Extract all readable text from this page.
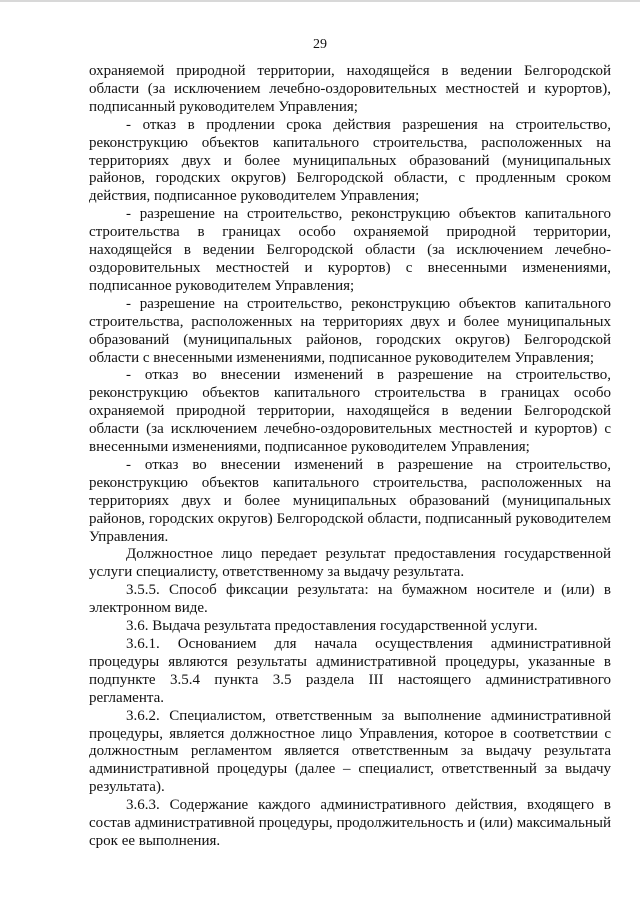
29

охраняемой природной территории, находящейся в ведении Белгородской области (за исключением лечебно-оздоровительных местностей и курортов), подписанный руководителем Управления;

- отказ в продлении срока действия разрешения на строительство, реконструкцию объектов капитального строительства, расположенных на территориях двух и более муниципальных образований (муниципальных районов, городских округов) Белгородской области, с продленным сроком действия, подписанное руководителем Управления;

- разрешение на строительство, реконструкцию объектов капитального строительства в границах особо охраняемой природной территории, находящейся в ведении Белгородской области (за исключением лечебно-оздоровительных местностей и курортов) с внесенными изменениями, подписанное руководителем Управления;

- разрешение на строительство, реконструкцию объектов капитального строительства, расположенных на территориях двух и более муниципальных образований (муниципальных районов, городских округов) Белгородской области с внесенными изменениями, подписанное руководителем Управления;

- отказ во внесении изменений в разрешение на строительство, реконструкцию объектов капитального строительства в границах особо охраняемой природной территории, находящейся в ведении Белгородской области (за исключением лечебно-оздоровительных местностей и курортов) с внесенными изменениями, подписанное руководителем Управления;

- отказ во внесении изменений в разрешение на строительство, реконструкцию объектов капитального строительства, расположенных на территориях двух и более муниципальных образований (муниципальных районов, городских округов) Белгородской области, подписанный руководителем Управления.

Должностное лицо передает результат предоставления государственной услуги специалисту, ответственному за выдачу результата.

3.5.5. Способ фиксации результата: на бумажном носителе и (или) в электронном виде.

3.6. Выдача результата предоставления государственной услуги.

3.6.1. Основанием для начала осуществления административной процедуры являются результаты административной процедуры, указанные в подпункте 3.5.4 пункта 3.5 раздела III настоящего административного регламента.

3.6.2. Специалистом, ответственным за выполнение административной процедуры, является должностное лицо Управления, которое в соответствии с должностным регламентом является ответственным за выдачу результата административной процедуры (далее – специалист, ответственный за выдачу результата).

3.6.3. Содержание каждого административного действия, входящего в состав административной процедуры, продолжительность и (или) максимальный срок ее выполнения.
